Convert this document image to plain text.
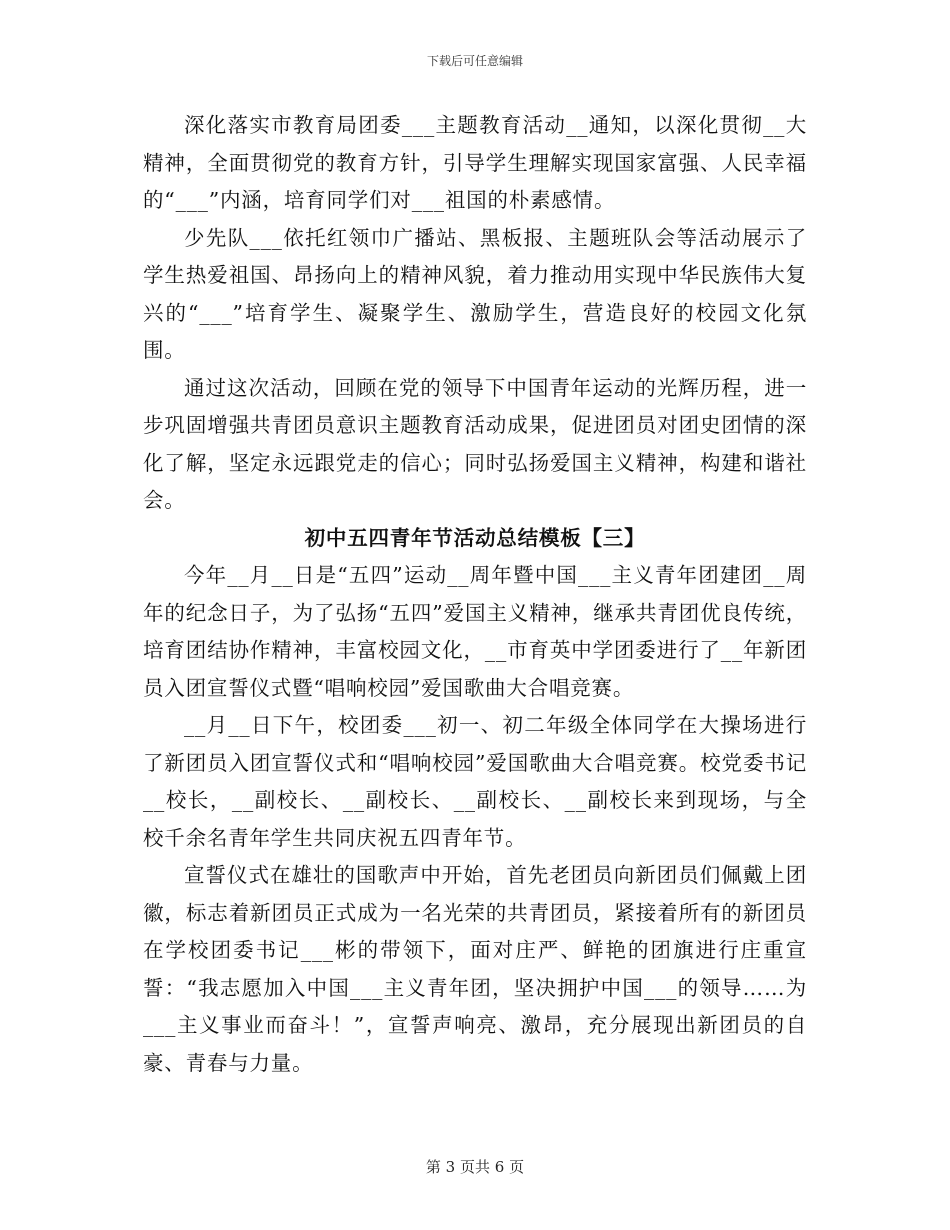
下载后可任意编辑

深化落实市教育局团委___主题教育活动__通知，以深化贯彻__大精神，全面贯彻党的教育方针，引导学生理解实现国家富强、人民幸福的“___”内涵，培育同学们对___祖国的朴素感情。

少先队___依托红领巾广播站、黑板报、主题班队会等活动展示了学生热爱祖国、昂扬向上的精神风貌，着力推动用实现中华民族伟大复兴的“___”培育学生、凝聚学生、激励学生，营造良好的校园文化氛围。

通过这次活动，回顾在党的领导下中国青年运动的光辉历程，进一步巩固增强共青团员意识主题教育活动成果，促进团员对团史团情的深化了解，坚定永远跟党走的信心；同时弘扬爱国主义精神，构建和谐社会。

初中五四青年节活动总结模板【三】

今年__月__日是“五四”运动__周年暨中国___主义青年团建团__周年的纪念日子，为了弘扬“五四”爱国主义精神，继承共青团优良传统，培育团结协作精神，丰富校园文化，__市育英中学团委进行了__年新团员入团宣誓仪式暨“唱响校园”爱国歌曲大合唱竞赛。

__月__日下午，校团委___初一、初二年级全体同学在大操场进行了新团员入团宣誓仪式和“唱响校园”爱国歌曲大合唱竞赛。校党委书记__校长，__副校长、__副校长、__副校长、__副校长来到现场，与全校千余名青年学生共同庆祝五四青年节。

宣誓仪式在雄壮的国歌声中开始，首先老团员向新团员们佩戴上团徽，标志着新团员正式成为一名光荣的共青团员，紧接着所有的新团员在学校团委书记___彬的带领下，面对庄严、鲜艳的团旗进行庄重宣誓：“我志愿加入中国___主义青年团，坚决拥护中国___的领导……为___主义事业而奋斗！”，宣誓声响亮、激昂，充分展现出新团员的自豪、青春与力量。

第 3 页共 6 页
